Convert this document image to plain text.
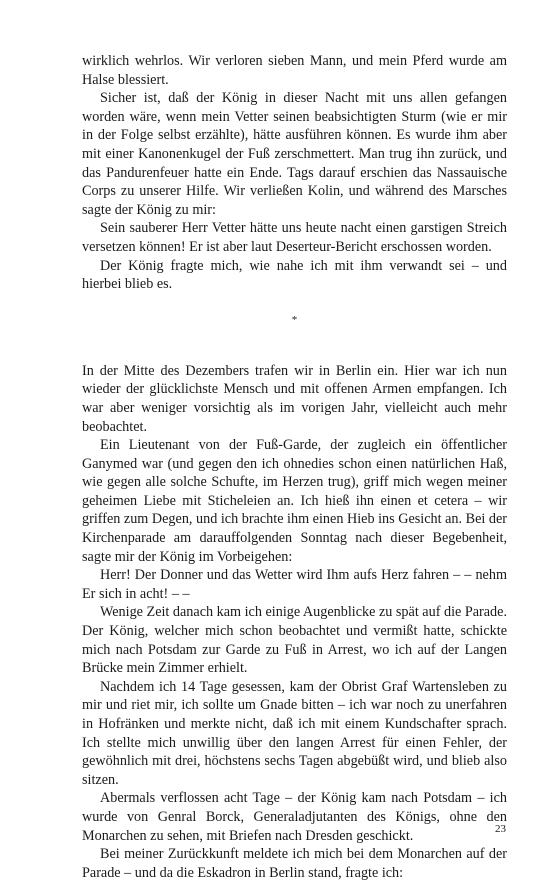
wirklich wehrlos. Wir verloren sieben Mann, und mein Pferd wurde am Halse blessiert.

Sicher ist, daß der König in dieser Nacht mit uns allen gefangen worden wäre, wenn mein Vetter seinen beabsichtigten Sturm (wie er mir in der Folge selbst erzählte), hätte ausführen können. Es wurde ihm aber mit einer Kanonenkugel der Fuß zerschmettert. Man trug ihn zurück, und das Pandurenfeuer hatte ein Ende. Tags darauf erschien das Nassauische Corps zu unserer Hilfe. Wir verließen Kolin, und während des Marsches sagte der König zu mir:

Sein sauberer Herr Vetter hätte uns heute nacht einen garstigen Streich versetzen können! Er ist aber laut Deserteur-Bericht erschossen worden.

Der König fragte mich, wie nahe ich mit ihm verwandt sei – und hierbei blieb es.

*

In der Mitte des Dezembers trafen wir in Berlin ein. Hier war ich nun wieder der glücklichste Mensch und mit offenen Armen empfangen. Ich war aber weniger vorsichtig als im vorigen Jahr, vielleicht auch mehr beobachtet.

Ein Lieutenant von der Fuß-Garde, der zugleich ein öffentlicher Ganymed war (und gegen den ich ohnedies schon einen natürlichen Haß, wie gegen alle solche Schufte, im Herzen trug), griff mich wegen meiner geheimen Liebe mit Sticheleien an. Ich hieß ihn einen et cetera – wir griffen zum Degen, und ich brachte ihm einen Hieb ins Gesicht an. Bei der Kirchenparade am darauffolgenden Sonntag nach dieser Begebenheit, sagte mir der König im Vorbeigehen:

Herr! Der Donner und das Wetter wird Ihm aufs Herz fahren – – nehm Er sich in acht! – –

Wenige Zeit danach kam ich einige Augenblicke zu spät auf die Parade. Der König, welcher mich schon beobachtet und vermißt hatte, schickte mich nach Potsdam zur Garde zu Fuß in Arrest, wo ich auf der Langen Brücke mein Zimmer erhielt.

Nachdem ich 14 Tage gesessen, kam der Obrist Graf Wartensleben zu mir und riet mir, ich sollte um Gnade bitten – ich war noch zu unerfahren in Hofränken und merkte nicht, daß ich mit einem Kundschafter sprach. Ich stellte mich unwillig über den langen Arrest für einen Fehler, der gewöhnlich mit drei, höchstens sechs Tagen abgebüßt wird, und blieb also sitzen.

Abermals verflossen acht Tage – der König kam nach Potsdam – ich wurde von Genral Borck, Generaladjutanten des Königs, ohne den Monarchen zu sehen, mit Briefen nach Dresden geschickt.

Bei meiner Zurückkunft meldete ich mich bei dem Monarchen auf der Parade – und da die Eskadron in Berlin stand, fragte ich:

23
